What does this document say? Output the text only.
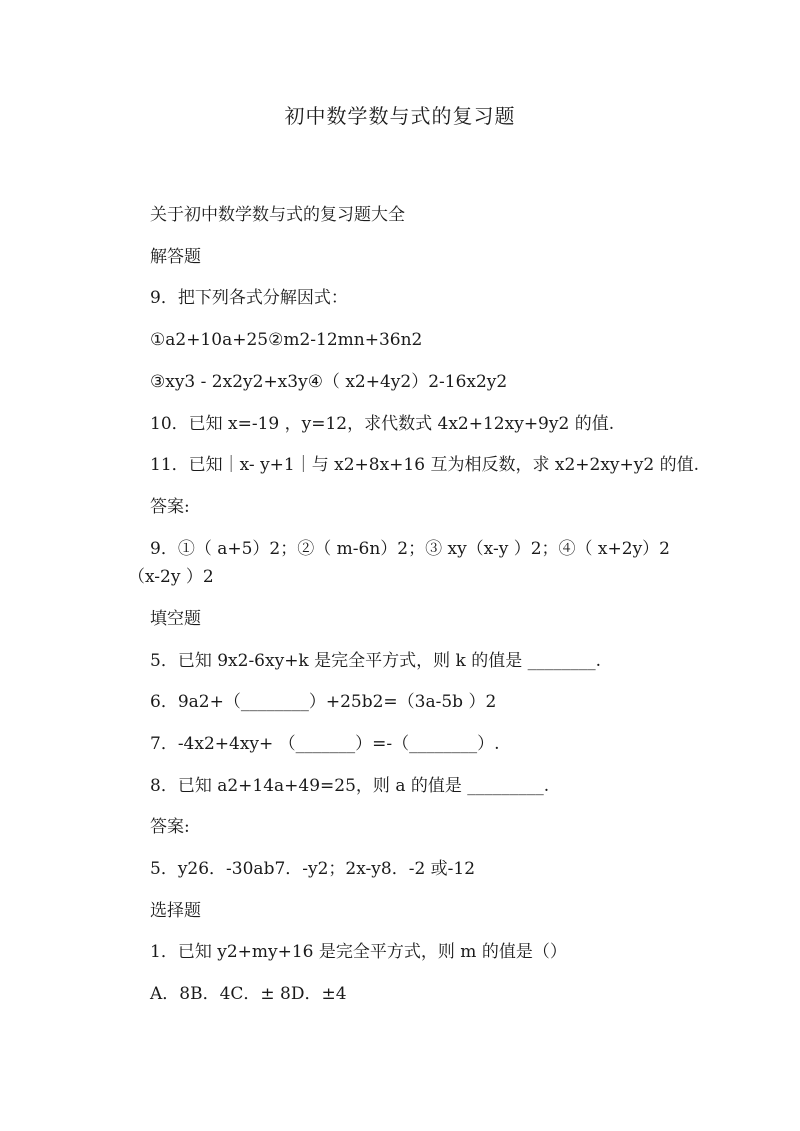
初中数学数与式的复习题
关于初中数学数与式的复习题大全
解答题
9．把下列各式分解因式：
①a2+10a+25②m2-12mn+36n2
③xy3 - 2x2y2+x3y④（ x2+4y2）2-16x2y2
10．已知 x=-19 ，y=12，求代数式 4x2+12xy+9y2 的值.
11．已知｜x- y+1｜与 x2+8x+16 互为相反数，求 x2+2xy+y2 的值.
答案:
9．①（ a+5）2；②（ m-6n）2；③ xy（x-y ）2；④（ x+2y）2
（x-2y ）2
填空题
5．已知 9x2-6xy+k 是完全平方式，则 k 的值是 ________.
6．9a2+（________）+25b2=（3a-5b ）2
7．-4x2+4xy+ （_______）=-（________）.
8．已知 a2+14a+49=25，则 a 的值是 _________.
答案:
5．y26．-30ab7．-y2；2x-y8．-2 或-12
选择题
1．已知 y2+my+16 是完全平方式，则 m 的值是（）
A．8B．4C．± 8D．±4
